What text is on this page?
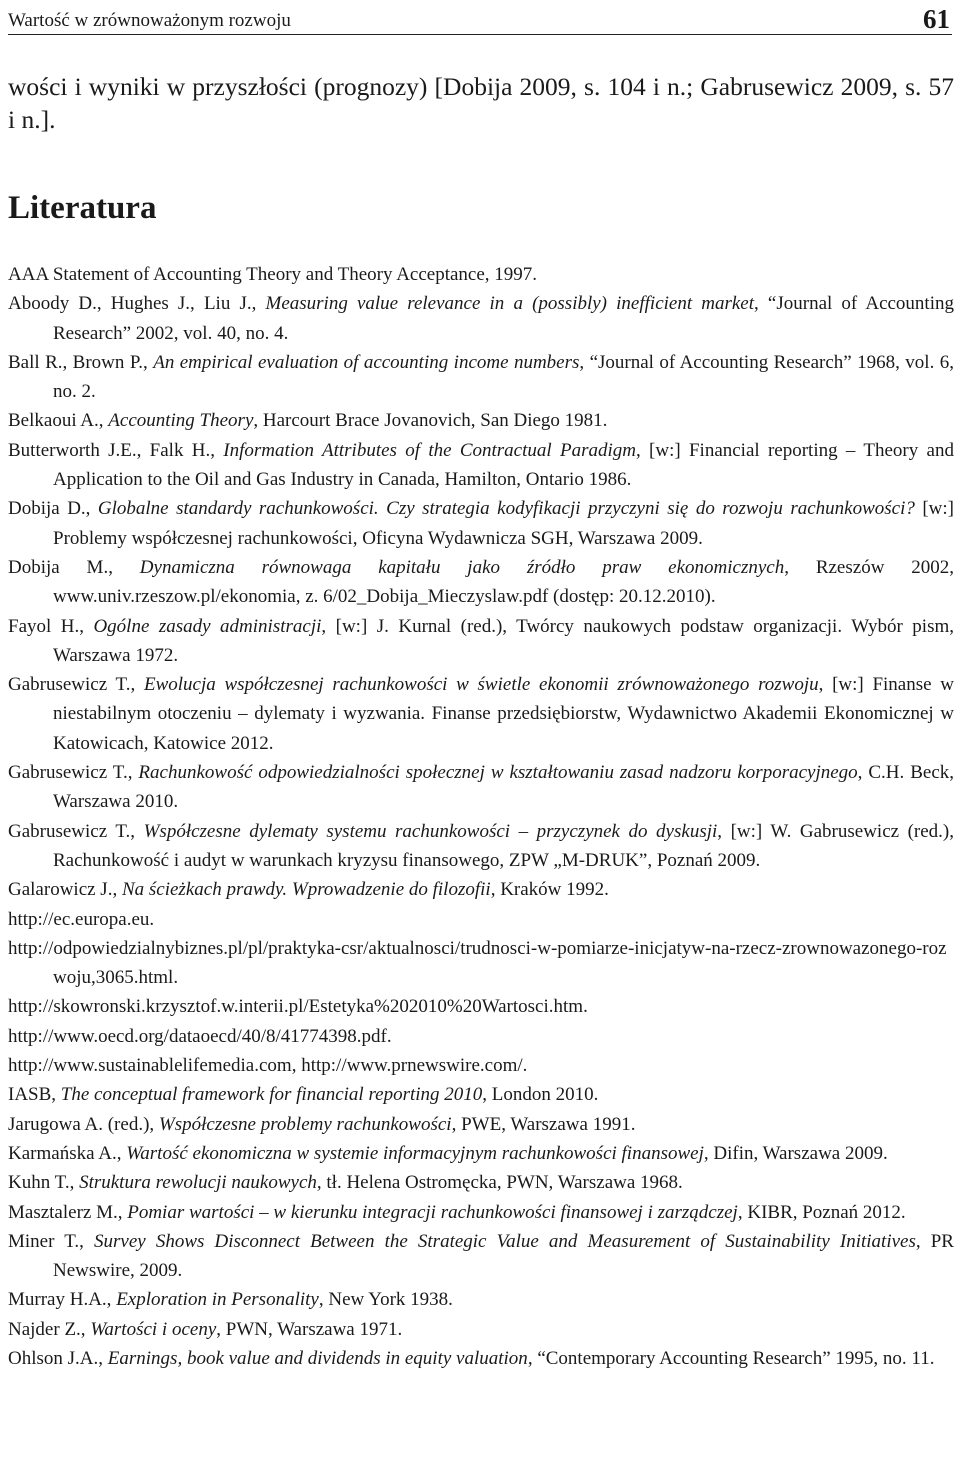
Wartość w zrównoważonym rozwoju	61

wości i wyniki w przyszłości (prognozy) [Dobija 2009, s. 104 i n.; Gabrusewicz 2009, s. 57 i n.].

Literatura
AAA Statement of Accounting Theory and Theory Acceptance, 1997.
Aboody D., Hughes J., Liu J., Measuring value relevance in a (possibly) inefficient market, “Journal of Accounting Research” 2002, vol. 40, no. 4.
Ball R., Brown P., An empirical evaluation of accounting income numbers, “Journal of Accounting Research” 1968, vol. 6, no. 2.
Belkaoui A., Accounting Theory, Harcourt Brace Jovanovich, San Diego 1981.
Butterworth J.E., Falk H., Information Attributes of the Contractual Paradigm, [w:] Financial reporting – Theory and Application to the Oil and Gas Industry in Canada, Hamilton, Ontario 1986.
Dobija D., Globalne standardy rachunkowości. Czy strategia kodyfikacji przyczyni się do rozwoju rachunkowości? [w:] Problemy współczesnej rachunkowości, Oficyna Wydawnicza SGH, Warszawa 2009.
Dobija M., Dynamiczna równowaga kapitału jako źródło praw ekonomicznych, Rzeszów 2002, www.univ.rzeszow.pl/ekonomia, z. 6/02_Dobija_Mieczyslaw.pdf (dostęp: 20.12.2010).
Fayol H., Ogólne zasady administracji, [w:] J. Kurnal (red.), Twórcy naukowych podstaw organizacji. Wybór pism, Warszawa 1972.
Gabrusewicz T., Ewolucja współczesnej rachunkowości w świetle ekonomii zrównoważonego rozwoju, [w:] Finanse w niestabilnym otoczeniu – dylematy i wyzwania. Finanse przedsiębiorstw, Wydawnictwo Akademii Ekonomicznej w Katowicach, Katowice 2012.
Gabrusewicz T., Rachunkowość odpowiedzialności społecznej w kształtowaniu zasad nadzoru korporacyjnego, C.H. Beck, Warszawa 2010.
Gabrusewicz T., Współczesne dylematy systemu rachunkowości – przyczynek do dyskusji, [w:] W. Gabrusewicz (red.), Rachunkowość i audyt w warunkach kryzysu finansowego, ZPW „M-DRUK”, Poznań 2009.
Galarowicz J., Na ścieżkach prawdy. Wprowadzenie do filozofii, Kraków 1992.
http://ec.europa.eu.
http://odpowiedzialnybiznes.pl/pl/praktyka-csr/aktualnosci/trudnosci-w-pomiarze-inicjatyw-na-rzecz-zrownowazonego-rozwoju,3065.html.
http://skowronski.krzysztof.w.interii.pl/Estetyka%202010%20Wartosci.htm.
http://www.oecd.org/dataoecd/40/8/41774398.pdf.
http://www.sustainablelifemedia.com, http://www.prnewswire.com/.
IASB, The conceptual framework for financial reporting 2010, London 2010.
Jarugowa A. (red.), Współczesne problemy rachunkowości, PWE, Warszawa 1991.
Karmańska A., Wartość ekonomiczna w systemie informacyjnym rachunkowości finansowej, Difin, Warszawa 2009.
Kuhn T., Struktura rewolucji naukowych, tł. Helena Ostromęcka, PWN, Warszawa 1968.
Masztalerz M., Pomiar wartości – w kierunku integracji rachunkowości finansowej i zarządczej, KIBR, Poznań 2012.
Miner T., Survey Shows Disconnect Between the Strategic Value and Measurement of Sustainability Initiatives, PR Newswire, 2009.
Murray H.A., Exploration in Personality, New York 1938.
Najder Z., Wartości i oceny, PWN, Warszawa 1971.
Ohlson J.A., Earnings, book value and dividends in equity valuation, “Contemporary Accounting Research” 1995, no. 11.
